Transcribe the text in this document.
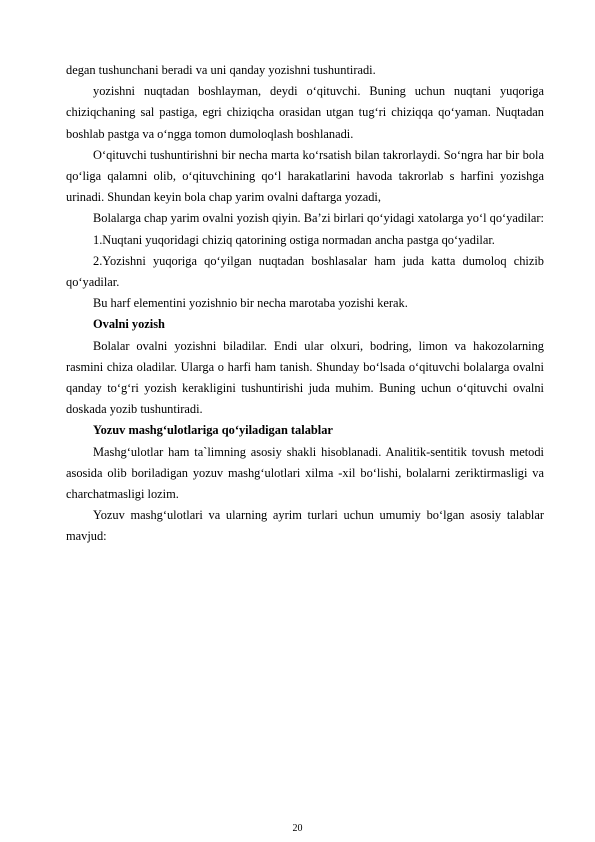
degan tushunchani beradi va uni qanday yozishni tushuntiradi.

yozishni nuqtadan boshlayman, deydi o‘qituvchi. Buning uchun nuqtani yuqoriga chiziqchaning sal pastiga, egri chiziqcha orasidan utgan tug‘ri chiziqqa qo‘yaman. Nuqtadan boshlab pastga va o‘ngga tomon dumoloqlash boshlanadi.

O‘qituvchi tushuntirishni bir necha marta ko‘rsatish bilan takrorlaydi. So‘ngra har bir bola qo‘liga qalamni olib, o‘qituvchining qo‘l harakatlarini havoda takrorlab s harfini yozishga urinadi. Shundan keyin bola chap yarim ovalni daftarga yozadi,

Bolalarga chap yarim ovalni yozish qiyin. Ba’zi birlari qo‘yidagi xatolarga yo‘l qo‘yadilar:

1.Nuqtani yuqoridagi chiziq qatorining ostiga normadan ancha pastga qo‘yadilar.

2.Yozishni yuqoriga qo‘yilgan nuqtadan boshlasalar ham juda katta dumoloq chizib qo‘yadilar.

Bu harf elementini yozishnio bir necha marotaba yozishi kerak.

Ovalni yozish

Bolalar ovalni yozishni biladilar. Endi ular olxuri, bodring, limon va hakozolarning rasmini chiza oladilar. Ularga o harfi ham tanish. Shunday bo‘lsada o‘qituvchi bolalarga ovalni qanday to‘g‘ri yozish kerakligini tushuntirishi juda muhim. Buning uchun o‘qituvchi ovalni doskada yozib tushuntiradi.

Yozuv mashg‘ulotlariga qo‘yiladigan talablar

Mashg‘ulotlar ham ta`limning asosiy shakli hisoblanadi. Analitik-sentitik tovush metodi asosida olib boriladigan yozuv mashg‘ulotlari xilma -xil bo‘lishi, bolalarni zeriktirmasligi va charchatmasligi lozim.

Yozuv mashg‘ulotlari va ularning ayrim turlari uchun umumiy bo‘lgan asosiy talablar mavjud:

20
